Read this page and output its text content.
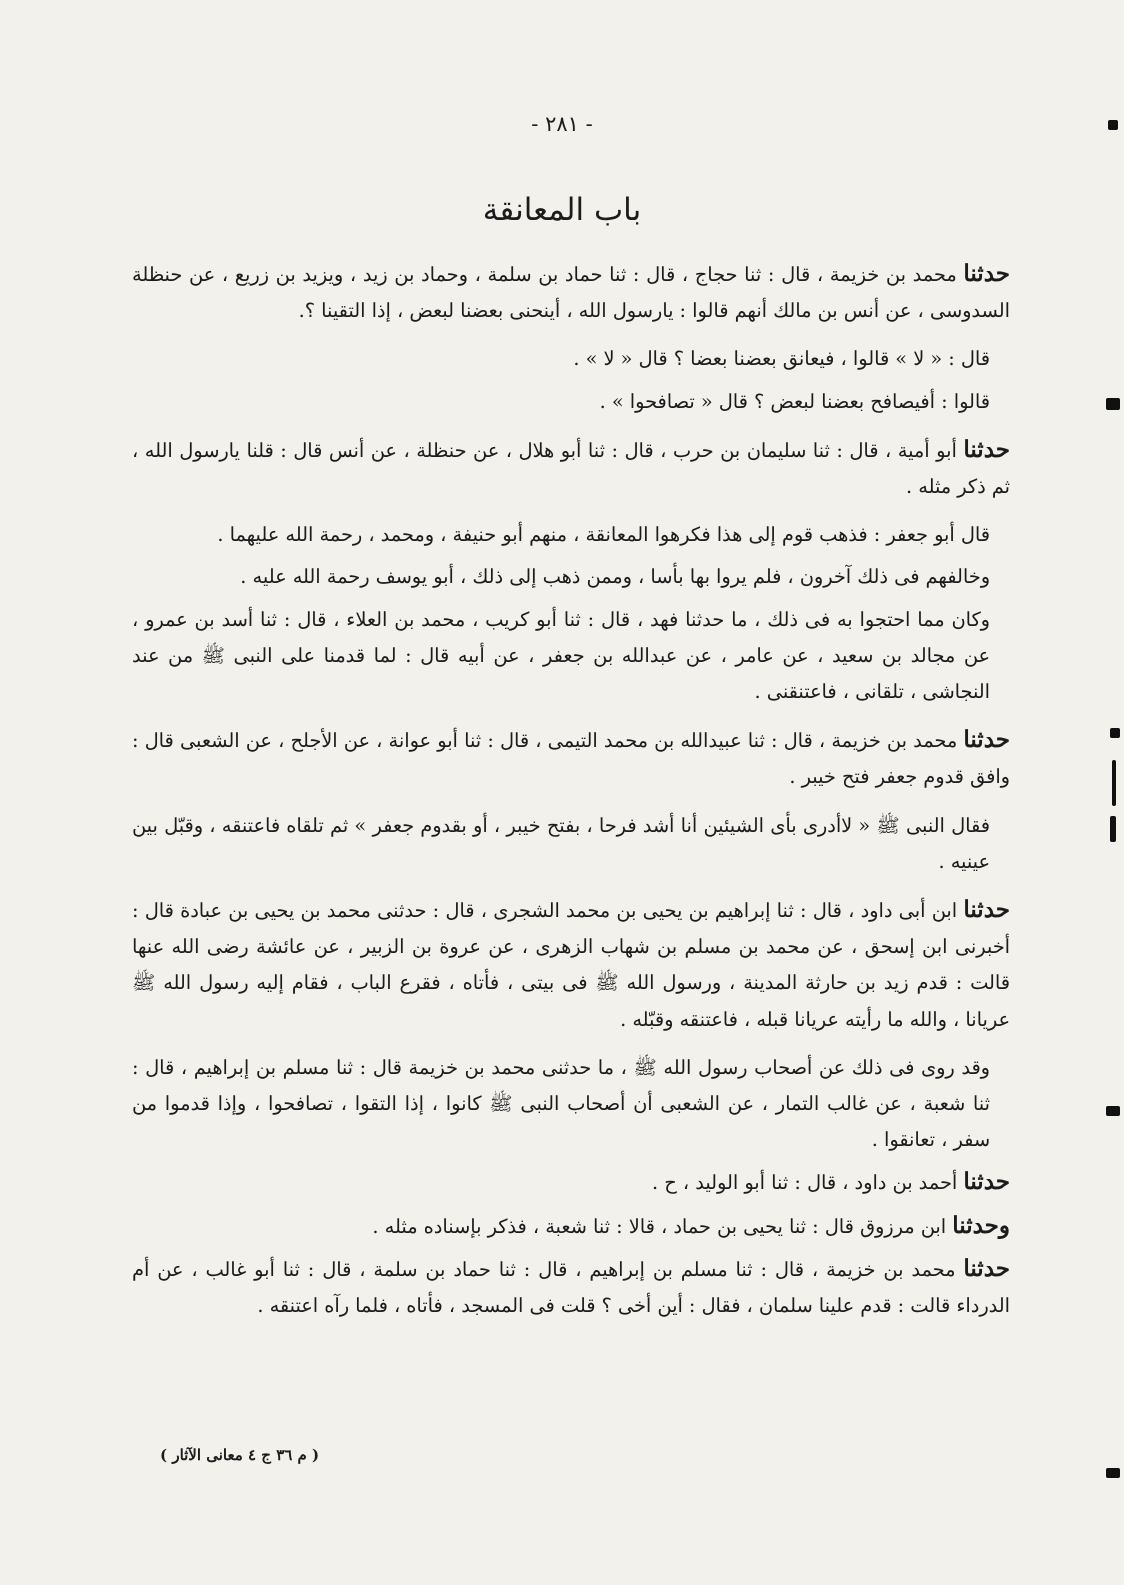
- ٢٨١ -
باب المعانقة

حدثنا محمد بن خزيمة ، قال : ثنا حجاج ، قال : ثنا حماد بن سلمة ، وحماد بن زيد ، ويزيد بن زريع ، عن حنظلة السدوسى ، عن أنس بن مالك أنهم قالوا : يارسول الله ، أينحنى بعضنا لبعض ، إذا التقينا ؟.

قال : « لا » قالوا ، فيعانق بعضنا بعضا ؟ قال « لا » .

قالوا : أفيصافح بعضنا لبعض ؟ قال « تصافحوا » .

حدثنا أبو أمية ، قال : ثنا سليمان بن حرب ، قال : ثنا أبو هلال ، عن حنظلة ، عن أنس قال : قلنا يارسول الله ، ثم ذكر مثله .

قال أبو جعفر : فذهب قوم إلى هذا فكرهوا المعانقة ، منهم أبو حنيفة ، ومحمد ، رحمة الله عليهما .

وخالفهم فى ذلك آخرون ، فلم يروا بها بأسا ، وممن ذهب إلى ذلك ، أبو يوسف رحمة الله عليه .

وكان مما احتجوا به فى ذلك ، ما حدثنا فهد ، قال : ثنا أبو كريب ، محمد بن العلاء ، قال : ثنا أسد بن عمرو ، عن مجالد بن سعيد ، عن عامر ، عن عبدالله بن جعفر ، عن أبيه قال : لما قدمنا على النبى ﷺ من عند النجاشى ، تلقانى ، فاعتنقنى .

حدثنا محمد بن خزيمة ، قال : ثنا عبيدالله بن محمد التيمى ، قال : ثنا أبو عوانة ، عن الأجلح ، عن الشعبى قال : وافق قدوم جعفر فتح خيبر .

فقال النبى ﷺ « لاأدرى بأى الشيئين أنا أشد فرحا ، بفتح خيبر ، أو بقدوم جعفر » ثم تلقاه فاعتنقه ، وقبّل بين عينيه .

حدثنا ابن أبى داود ، قال : ثنا إبراهيم بن يحيى بن محمد الشجرى ، قال : حدثنى محمد بن يحيى بن عبادة قال : أخبرنى ابن إسحق ، عن محمد بن مسلم بن شهاب الزهرى ، عن عروة بن الزبير ، عن عائشة رضى الله عنها قالت : قدم زيد بن حارثة المدينة ، ورسول الله ﷺ فى بيتى ، فأتاه ، فقرع الباب ، فقام إليه رسول الله ﷺ عريانا ، والله ما رأيته عريانا قبله ، فاعتنقه وقبّله .

وقد روى فى ذلك عن أصحاب رسول الله ﷺ ، ما حدثنى محمد بن خزيمة قال : ثنا مسلم بن إبراهيم ، قال : ثنا شعبة ، عن غالب التمار ، عن الشعبى أن أصحاب النبى ﷺ كانوا ، إذا التقوا ، تصافحوا ، وإذا قدموا من سفر ، تعانقوا .

حدثنا أحمد بن داود ، قال : ثنا أبو الوليد ، ح .

وحدثنا ابن مرزوق قال : ثنا يحيى بن حماد ، قالا : ثنا شعبة ، فذكر بإسناده مثله .

حدثنا محمد بن خزيمة ، قال : ثنا مسلم بن إبراهيم ، قال : ثنا حماد بن سلمة ، قال : ثنا أبو غالب ، عن أم الدرداء قالت : قدم علينا سلمان ، فقال : أين أخى ؟ قلت فى المسجد ، فأتاه ، فلما رآه اعتنقه .

( م ٣٦ ج ٤ معانى الآثار )
